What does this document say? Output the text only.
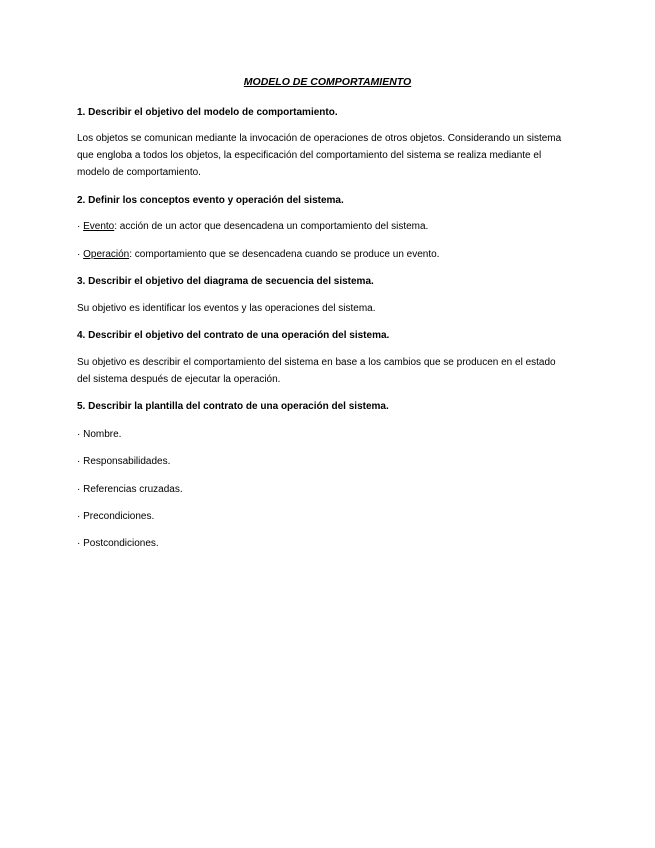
MODELO DE COMPORTAMIENTO
1. Describir el objetivo del modelo de comportamiento.
Los objetos se comunican mediante la invocación de operaciones de otros objetos. Considerando un sistema que engloba a todos los objetos, la especificación del comportamiento del sistema se realiza mediante el modelo de comportamiento.
2. Definir los conceptos evento y operación del sistema.
· Evento: acción de un actor que desencadena un comportamiento del sistema.
· Operación: comportamiento que se desencadena cuando se produce un evento.
3. Describir el objetivo del diagrama de secuencia del sistema.
Su objetivo es identificar los eventos y las operaciones del sistema.
4. Describir el objetivo del contrato de una operación del sistema.
Su objetivo es describir el comportamiento del sistema en base a los cambios que se producen en el estado del sistema después de ejecutar la operación.
5. Describir la plantilla del contrato de una operación del sistema.
· Nombre.
· Responsabilidades.
· Referencias cruzadas.
· Precondiciones.
· Postcondiciones.
